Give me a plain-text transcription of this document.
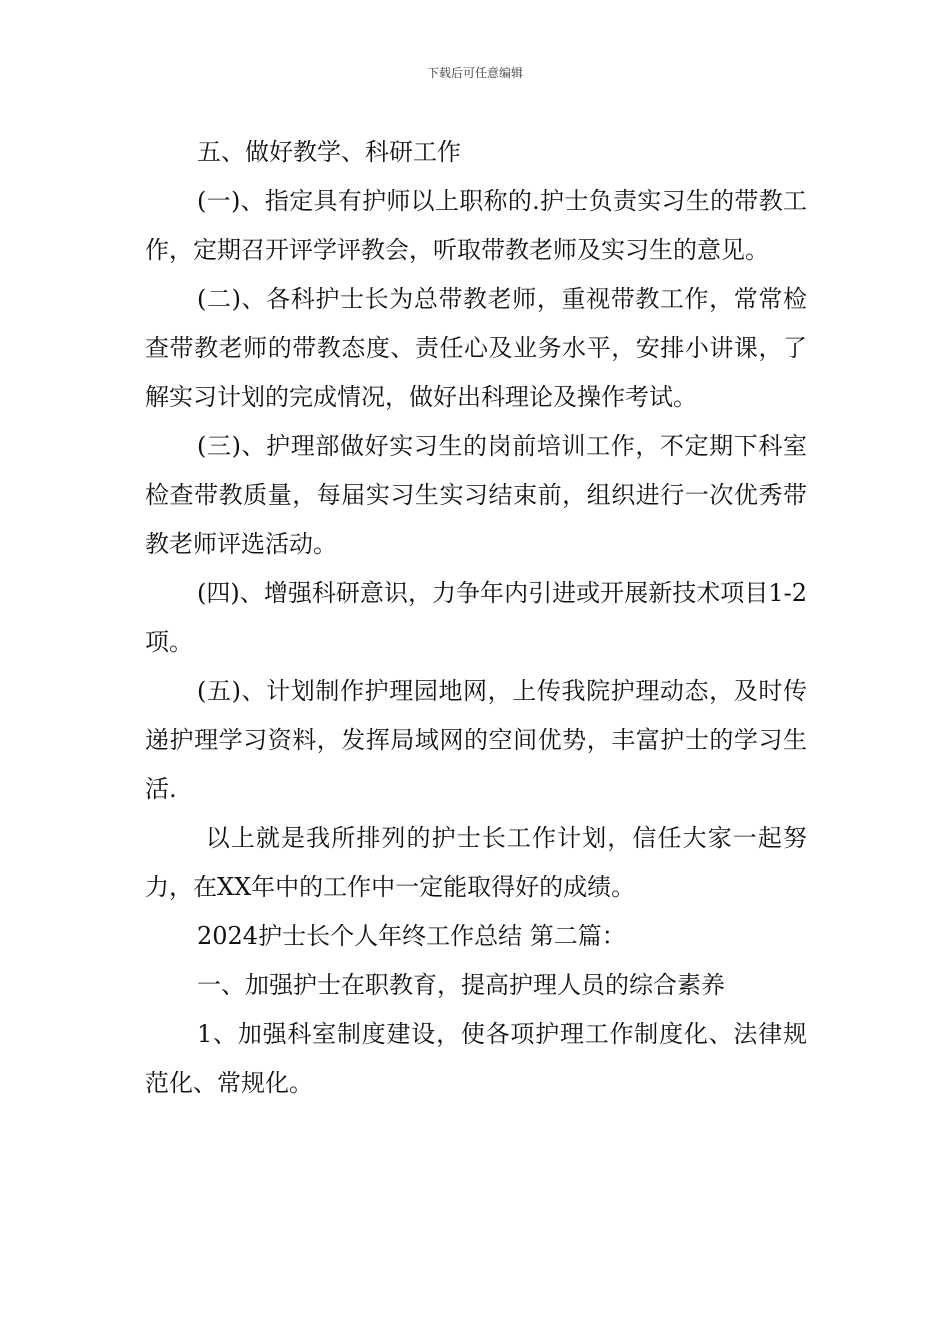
下载后可任意编辑

五、做好教学、科研工作

(一)、指定具有护师以上职称的.护士负责实习生的带教工作，定期召开评学评教会，听取带教老师及实习生的意见。

(二)、各科护士长为总带教老师，重视带教工作，常常检查带教老师的带教态度、责任心及业务水平，安排小讲课，了解实习计划的完成情况，做好出科理论及操作考试。

(三)、护理部做好实习生的岗前培训工作，不定期下科室检查带教质量，每届实习生实习结束前，组织进行一次优秀带教老师评选活动。

(四)、增强科研意识，力争年内引进或开展新技术项目1-2项。

(五)、计划制作护理园地网，上传我院护理动态，及时传递护理学习资料，发挥局域网的空间优势，丰富护士的学习生活.

以上就是我所排列的护士长工作计划，信任大家一起努力，在XX年中的工作中一定能取得好的成绩。

2024护士长个人年终工作总结 第二篇：

一、加强护士在职教育，提高护理人员的综合素养

1、加强科室制度建设，使各项护理工作制度化、法律规范化、常规化。
